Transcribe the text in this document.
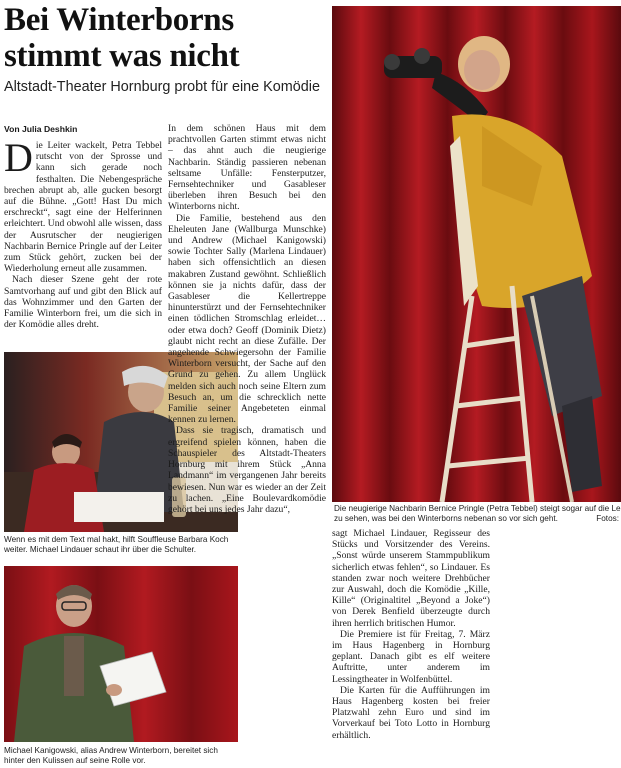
Bei Winterborns
stimmt was nicht
Altstadt-Theater Hornburg probt für eine Komödie
Von Julia Deshkin

Die Leiter wackelt, Petra Tebbel rutscht von der Sprosse und kann sich gerade noch festhalten. Die Nebengespräche brechen abrupt ab, alle gucken besorgt auf die Bühne. „Gott! Hast Du mich erschreckt“, sagt eine der Helferinnen erleichtert. Und obwohl alle wissen, dass der Ausrutscher der neugierigen Nachbarin Bernice Pringle auf der Leiter zum Stück gehört, zucken bei der Wiederholung erneut alle zusammen.

Nach dieser Szene geht der rote Samtvorhang auf und gibt den Blick auf das Wohnzimmer und den Garten der Familie Winterborn frei, um die sich in der Komödie alles dreht.

Wenn es mit dem Text mal hakt, hilft Souffleuse Barbara Koch weiter. Michael Lindauer schaut ihr über die Schulter.
Michael Kanigowski, alias Andrew Winterborn, bereitet sich hinter den Kulissen auf seine Rolle vor.

In dem schönen Haus mit dem prachtvollen Garten stimmt etwas nicht – das ahnt auch die neugierige Nachbarin. Ständig passieren nebenan seltsame Unfälle: Fensterputzer, Fernsehtechniker und Gasableser überleben ihren Besuch bei den Winterborns nicht.

Die Familie, bestehend aus den Eheleuten Jane (Wallburga Munschke) und Andrew (Michael Kanigowski) sowie Tochter Sally (Marlena Lindauer) haben sich offensichtlich an diesen makabren Zustand gewöhnt. Schließlich können sie ja nichts dafür, dass der Gasableser die Kellertreppe hinunterstürzt und der Fernsehtechniker einen tödlichen Stromschlag erleidet… oder etwa doch? Geoff (Dominik Dietz) glaubt nicht recht an diese Zufälle. Der angehende Schwiegersohn der Familie Winterborn versucht, der Sache auf den Grund zu gehen. Zu allem Unglück melden sich auch noch seine Eltern zum Besuch an, um die schrecklich nette Familie seiner Angebeteten einmal kennen zu lernen.

Dass sie tragisch, dramatisch und ergreifend spielen können, haben die Schauspieler des Altstadt-Theaters Hornburg mit ihrem Stück „Anna Landmann“ im vergangenen Jahr bereits bewiesen. Nun war es wieder an der Zeit zu lachen. „Eine Boulevardkomödie gehört bei uns jedes Jahr dazu“,	Die neugierige Nachbarin Bernice Pringle (Petra Tebbel) steigt sogar auf die Le zu sehen, was bei den Winterborns nebenan so vor sich geht.	Fotos:

sagt Michael Lindauer, Regisseur des Stücks und Vorsitzender des Vereins. „Sonst würde unserem Stammpublikum sicherlich etwas fehlen“, so Lindauer. Es standen zwar noch weitere Drehbücher zur Auswahl, doch die Komödie „Kille, Kille“ (Originaltitel „Beyond a Joke“) von Derek Benfield überzeugte durch ihren herrlich britischen Humor.

Die Premiere ist für Freitag, 7. März im Haus Hagenberg in Hornburg geplant. Danach gibt es elf weitere Auftritte, unter anderem im Lessingtheater in Wolfenbüttel.

Die Karten für die Aufführungen im Haus Hagenberg kosten bei freier Platzwahl zehn Euro und sind im Vorverkauf bei Toto Lotto in Hornburg erhältlich.
